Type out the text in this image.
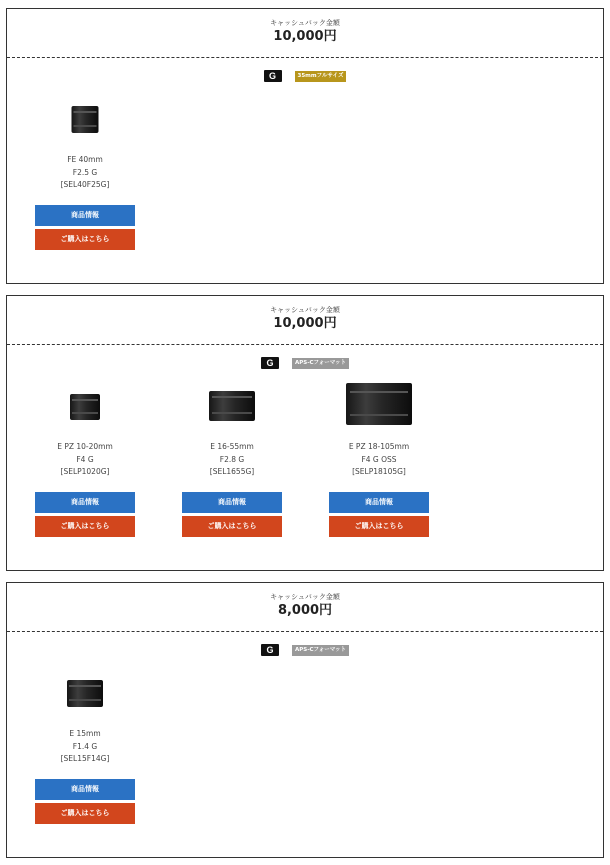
キャッシュバック金額
10,000円
G	35mmフルサイズ
FE 40mm
F2.5 G
[SEL40F25G]
商品情報
ご購入はこちら
キャッシュバック金額
10,000円
G	APS-Cフォーマット
E PZ 10-20mm
F4 G
[SELP1020G]
商品情報
ご購入はこちら
E 16-55mm
F2.8 G
[SEL1655G]
商品情報
ご購入はこちら
E PZ 18-105mm
F4 G OSS
[SELP18105G]
商品情報
ご購入はこちら
キャッシュバック金額
8,000円
G	APS-Cフォーマット
E 15mm
F1.4 G
[SEL15F14G]
商品情報
ご購入はこちら
